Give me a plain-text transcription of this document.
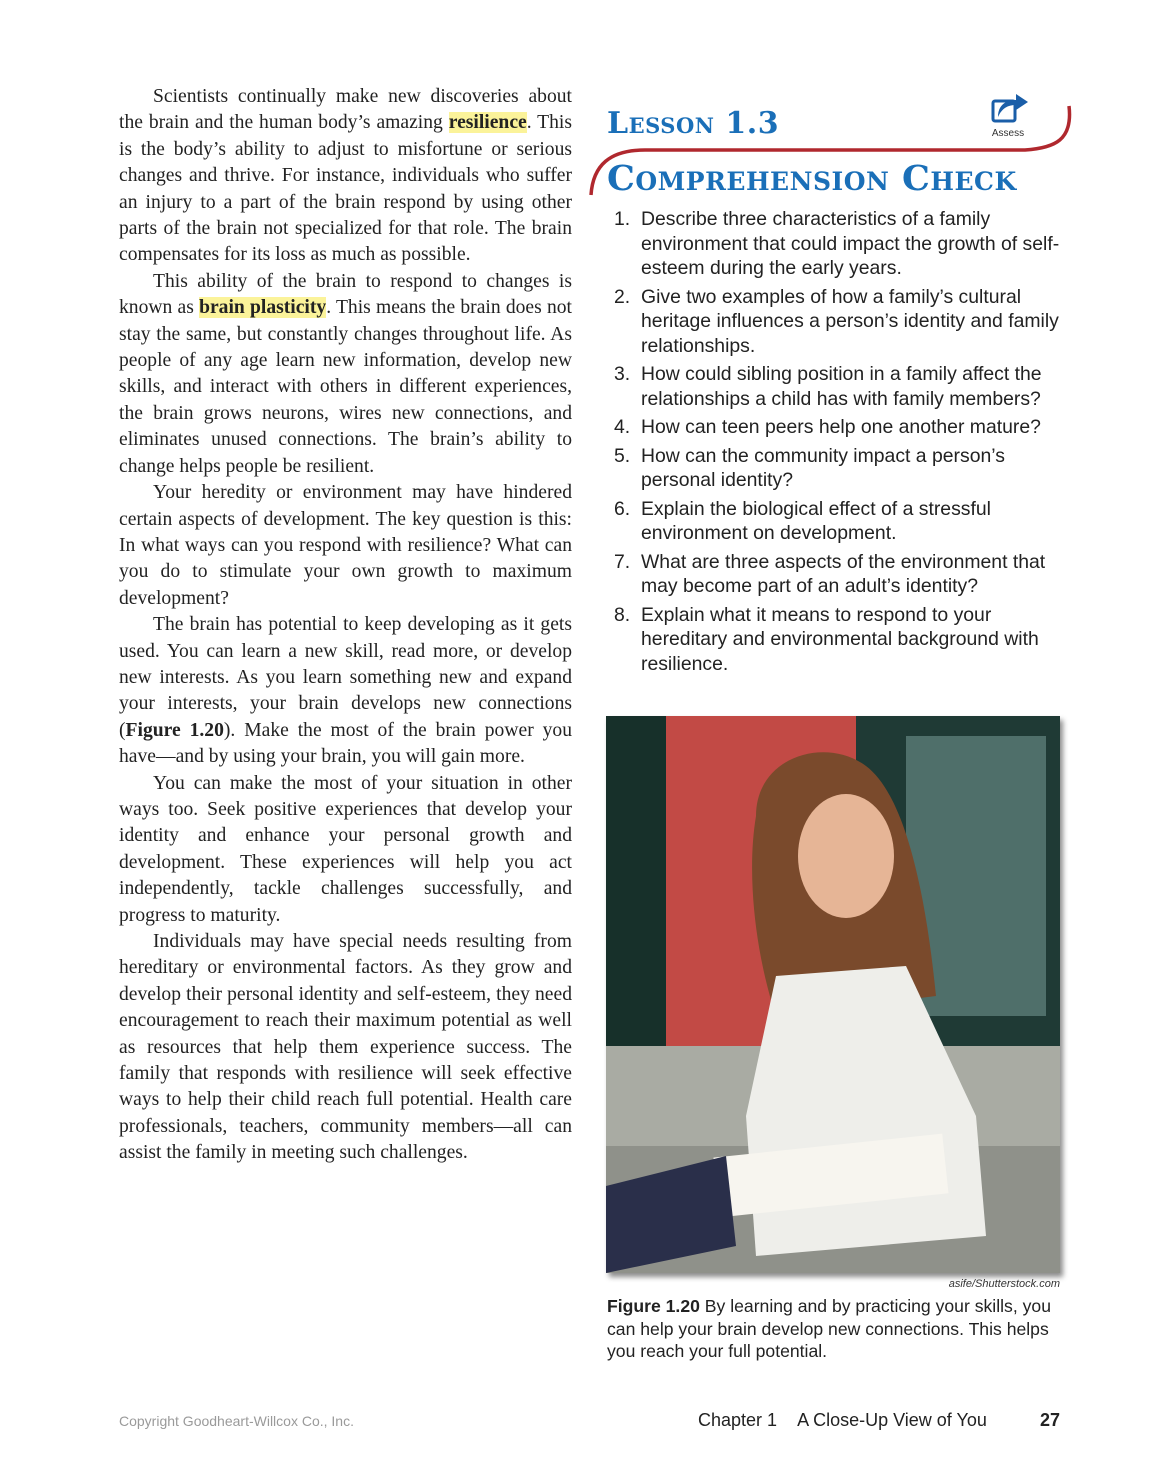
Scientists continually make new discoveries about the brain and the human body’s amazing resilience. This is the body’s ability to adjust to misfortune or serious changes and thrive. For instance, individuals who suffer an injury to a part of the brain respond by using other parts of the brain not specialized for that role. The brain compensates for its loss as much as possible.

This ability of the brain to respond to changes is known as brain plasticity. This means the brain does not stay the same, but constantly changes throughout life. As people of any age learn new information, develop new skills, and interact with others in different experiences, the brain grows neurons, wires new connections, and eliminates unused connections. The brain’s ability to change helps people be resilient.

Your heredity or environment may have hindered certain aspects of development. The key question is this: In what ways can you respond with resilience? What can you do to stimulate your own growth to maximum development?

The brain has potential to keep developing as it gets used. You can learn a new skill, read more, or develop new interests. As you learn something new and expand your interests, your brain develops new connections (Figure 1.20). Make the most of the brain power you have—and by using your brain, you will gain more.

You can make the most of your situation in other ways too. Seek positive experiences that develop your identity and enhance your personal growth and development. These experiences will help you act independently, tackle challenges successfully, and progress to maturity.

Individuals may have special needs resulting from hereditary or environmental factors. As they grow and develop their personal identity and self-esteem, they need encouragement to reach their maximum potential as well as resources that help them experience success. The family that responds with resilience will seek effective ways to help their child reach full potential. Health care professionals, teachers, community members—all can assist the family in meeting such challenges.

Lesson 1.3
Comprehension Check
Assess
1. Describe three characteristics of a family environment that could impact the growth of self-esteem during the early years.
2. Give two examples of how a family’s cultural heritage influences a person’s identity and family relationships.
3. How could sibling position in a family affect the relationships a child has with family members?
4. How can teen peers help one another mature?
5. How can the community impact a person’s personal identity?
6. Explain the biological effect of a stressful environment on development.
7. What are three aspects of the environment that may become part of an adult’s identity?
8. Explain what it means to respond to your hereditary and environmental background with resilience.
asife/Shutterstock.com
Figure 1.20 By learning and by practicing your skills, you can help your brain develop new connections. This helps you reach your full potential.
Copyright Goodheart-Willcox Co., Inc.	Chapter 1 A Close-Up View of You	27
